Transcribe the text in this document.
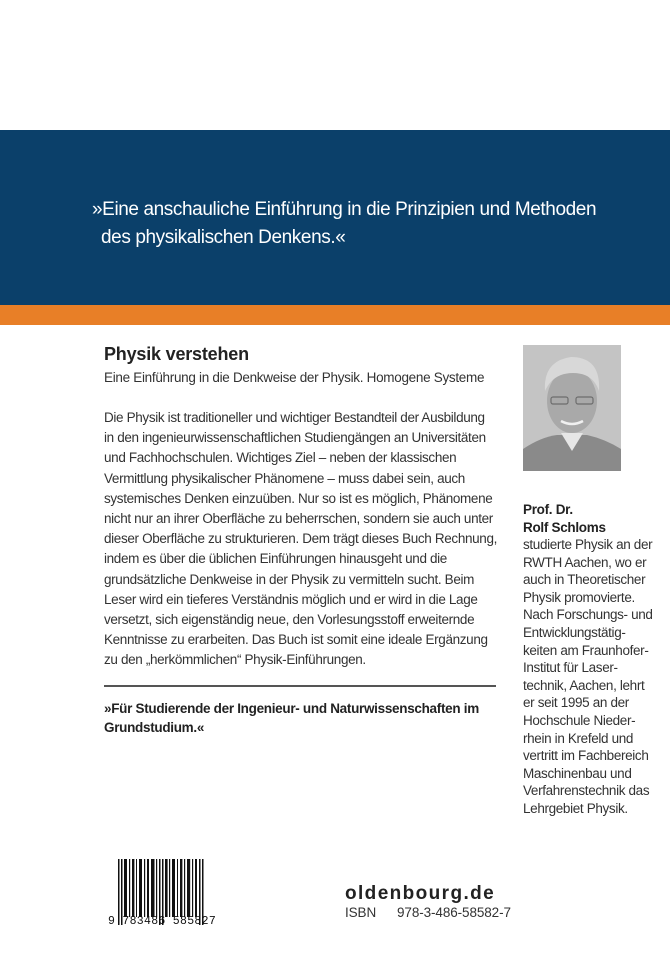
»Eine anschauliche Einführung in die Prinzipien und Methoden
des physikalischen Denkens.«
Physik verstehen
Eine Einführung in die Denkweise der Physik. Homogene Systeme
Die Physik ist traditioneller und wichtiger Bestandteil der Ausbildung
in den ingenieurwissenschaftlichen Studiengängen an Universitäten
und Fachhochschulen. Wichtiges Ziel – neben der klassischen
Vermittlung physikalischer Phänomene – muss dabei sein, auch
systemisches Denken einzuüben. Nur so ist es möglich, Phänomene
nicht nur an ihrer Oberfläche zu beherrschen, sondern sie auch unter
dieser Oberfläche zu strukturieren. Dem trägt dieses Buch Rechnung,
indem es über die üblichen Einführungen hinausgeht und die
grundsätzliche Denkweise in der Physik zu vermitteln sucht. Beim
Leser wird ein tieferes Verständnis möglich und er wird in die Lage
versetzt, sich eigenständig neue, den Vorlesungsstoff erweiternde
Kenntnisse zu erarbeiten. Das Buch ist somit eine ideale Ergänzung
zu den „herkömmlichen“ Physik-Einführungen.
»Für Studierende der Ingenieur- und Naturwissenschaften im
Grundstudium.«
Prof. Dr.
Rolf Schloms
studierte Physik an der
RWTH Aachen, wo er
auch in Theoretischer
Physik promovierte.
Nach Forschungs- und
Entwicklungstätig-
keiten am Fraunhofer-
Institut für Laser-
technik, Aachen, lehrt
er seit 1995 an der
Hochschule Nieder-
rhein in Krefeld und
vertritt im Fachbereich
Maschinenbau und
Verfahrenstechnik das
Lehrgebiet Physik.
9 783486 585827
oldenbourg.de
ISBN 978-3-486-58582-7
